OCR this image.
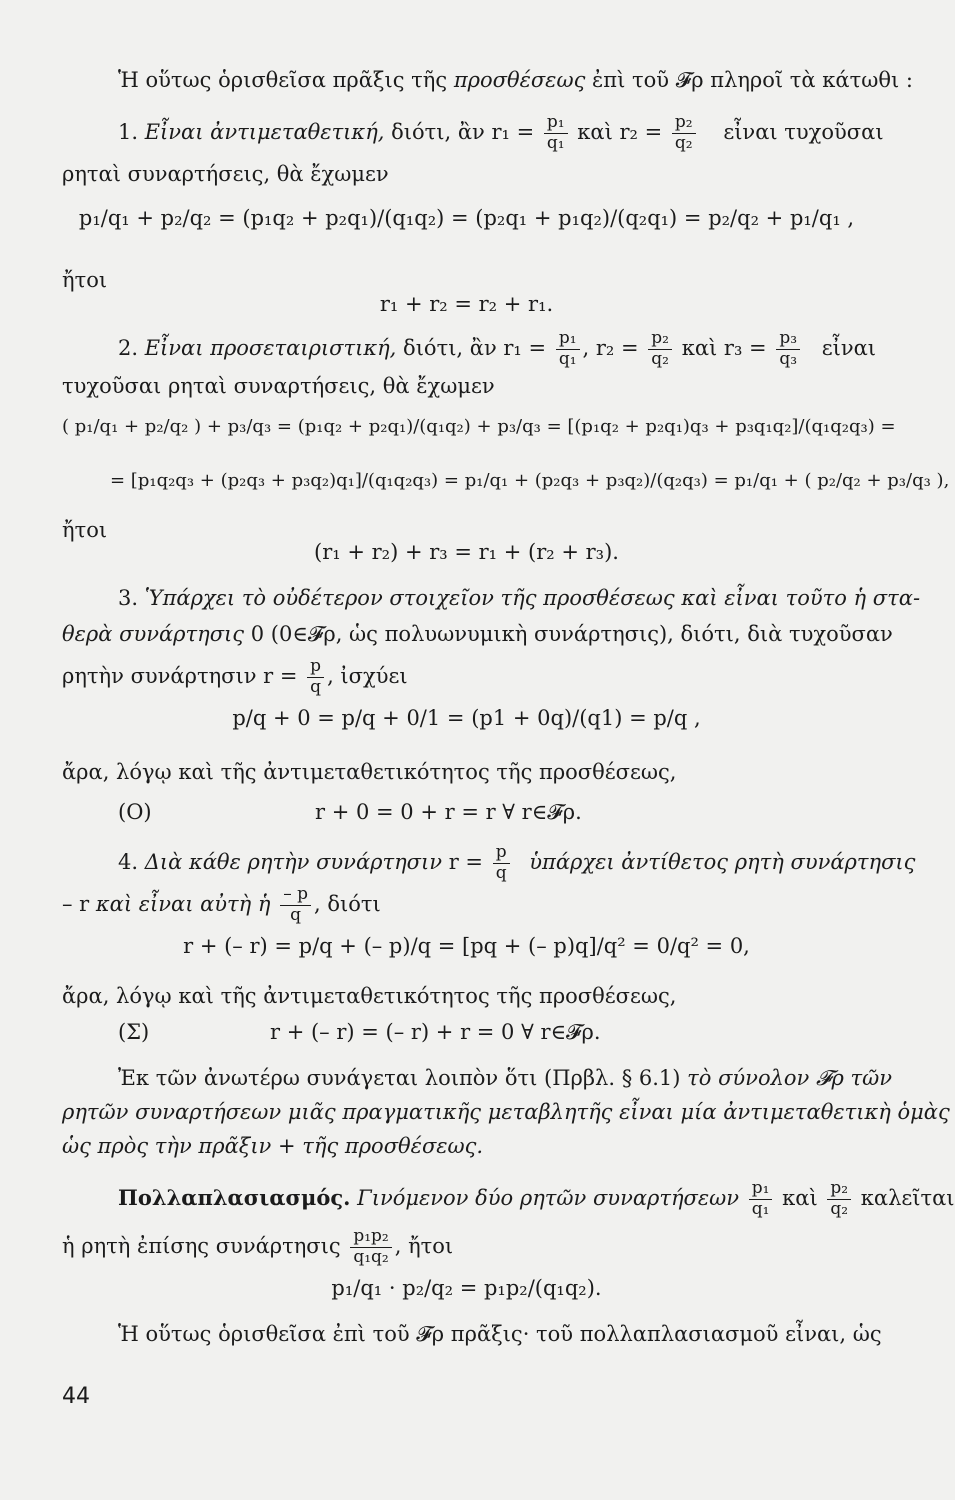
Ἡ οὕτως ὁρισθεῖσα πρᾶξις τῆς προσθέσεως ἐπὶ τοῦ 𝓕ρ πληροῖ τὰ κάτωθι :
1. Εἶναι ἀντιμεταθετική, διότι, ἂν $r_1 = \frac{\text{p₁}}{\text{q₁}}$ καὶ $r_2 = \frac{\text{p₂}}{\text{q₂}}$ εἶναι τυχοῦσαι
ρηταὶ συναρτήσεις, θὰ ἔχωμεν
p₁/q₁ + p₂/q₂ = (p₁q₂ + p₂q₁)/(q₁q₂) = (p₂q₁ + p₁q₂)/(q₂q₁) = p₂/q₂ + p₁/q₁ ,
ἤτοι
r₁ + r₂ = r₂ + r₁.
2. Εἶναι προσεταιριστική, διότι, ἂν $r_1 = \frac{\text{p₁}}{\text{q₁}}$ , $r_2 = \frac{\text{p₂}}{\text{q₂}}$ καὶ $r_3 = \frac{\text{p₃}}{\text{q₃}}$ εἶναι
τυχοῦσαι ρηταὶ συναρτήσεις, θὰ ἔχωμεν
( p₁/q₁ + p₂/q₂ ) + p₃/q₃ = (p₁q₂ + p₂q₁)/(q₁q₂) + p₃/q₃ = [(p₁q₂ + p₂q₁)q₃ + p₃q₁q₂]/(q₁q₂q₃) =
= [p₁q₂q₃ + (p₂q₃ + p₃q₂)q₁]/(q₁q₂q₃) = p₁/q₁ + (p₂q₃ + p₃q₂)/(q₂q₃) = p₁/q₁ + ( p₂/q₂ + p₃/q₃ ),
ἤτοι
(r₁ + r₂) + r₃ = r₁ + (r₂ + r₃).
3. Ὑπάρχει τὸ οὐδέτερον στοιχεῖον τῆς προσθέσεως καὶ εἶναι τοῦτο ἡ στα-
θερὰ συνάρτησις 0 (0∈𝓕ρ, ὡς πολυωνυμικὴ συνάρτησις), διότι, διὰ τυχοῦσαν
ρητὴν συνάρτησιν $r = \frac{p}{q}$ , ἰσχύει
p/q + 0 = p/q + 0/1 = (p1 + 0q)/(q1) = p/q ,
ἄρα, λόγῳ καὶ τῆς ἀντιμεταθετικότητος τῆς προσθέσεως,
(O)	r + 0 = 0 + r = r ∀ r∈𝓕ρ.
4. Διὰ κάθε ρητὴν συνάρτησιν $r = \frac{p}{q}$ ὑπάρχει ἀντίθετος ρητὴ συνάρτησις
– r καὶ εἶναι αὐτὴ ἡ $\frac{- p}{q}$ , διότι
r + (– r) = p/q + (– p)/q = [pq + (– p)q]/q² = 0/q² = 0,
ἄρα, λόγῳ καὶ τῆς ἀντιμεταθετικότητος τῆς προσθέσεως,
(Σ)	r + (– r) = (– r) + r = 0 ∀ r∈𝓕ρ.
Ἐκ τῶν ἀνωτέρω συνάγεται λοιπὸν ὅτι (Πρβλ. § 6.1) τὸ σύνολον 𝓕ρ τῶν
ρητῶν συναρτήσεων μιᾶς πραγματικῆς μεταβλητῆς εἶναι μία ἀντιμεταθετικὴ ὁμὰς
ὡς πρὸς τὴν πρᾶξιν + τῆς προσθέσεως.
Πολλαπλασιασμός. Γινόμενον δύο ρητῶν συναρτήσεων $\frac{\text{p₁}}{\text{q₁}}$ καὶ $\frac{\text{p₂}}{\text{q₂}}$ καλεῖται
ἡ ρητὴ ἐπίσης συνάρτησις $\frac{\text{p₁p₂}}{\text{q₁q₂}}$ , ἤτοι
p₁/q₁ · p₂/q₂ = p₁p₂/(q₁q₂).
Ἡ οὕτως ὁρισθεῖσα ἐπὶ τοῦ 𝓕ρ πρᾶξις· τοῦ πολλαπλασιασμοῦ εἶναι, ὡς
44
